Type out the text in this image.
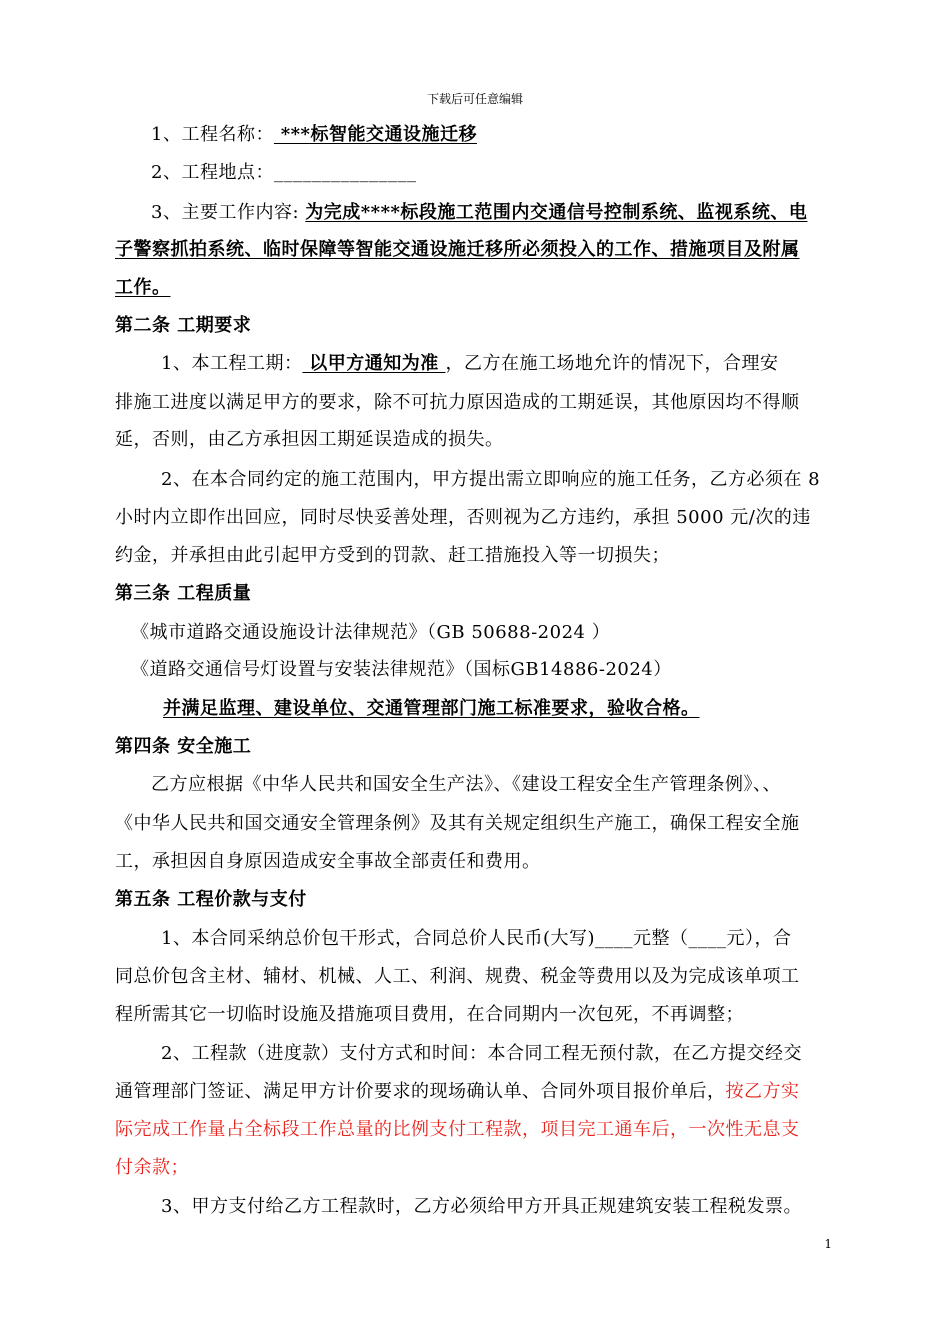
下载后可任意编辑
1、工程名称： ***标智能交通设施迁移
2、工程地点：_______________
3、主要工作内容: 为完成****标段施工范围内交通信号控制系统、监视系统、电
子警察抓拍系统、临时保障等智能交通设施迁移所必须投入的工作、措施项目及附属
工作。
第二条 工期要求
1、本工程工期： 以甲方通知为准 ，乙方在施工场地允许的情况下，合理安
排施工进度以满足甲方的要求，除不可抗力原因造成的工期延误，其他原因均不得顺
延，否则，由乙方承担因工期延误造成的损失。
2、在本合同约定的施工范围内，甲方提出需立即响应的施工任务，乙方必须在 8
小时内立即作出回应，同时尽快妥善处理，否则视为乙方违约，承担 5000 元/次的违
约金，并承担由此引起甲方受到的罚款、赶工措施投入等一切损失；
第三条 工程质量
《城市道路交通设施设计法律规范》（GB 50688-2024 ）
《道路交通信号灯设置与安装法律规范》（国标GB14886-2024）
并满足监理、建设单位、交通管理部门施工标准要求，验收合格。
第四条 安全施工
乙方应根据《中华人民共和国安全生产法》、《建设工程安全生产管理条例》、、
《中华人民共和国交通安全管理条例》及其有关规定组织生产施工，确保工程安全施
工，承担因自身原因造成安全事故全部责任和费用。
第五条 工程价款与支付
1、本合同采纳总价包干形式，合同总价人民币(大写)____元整（____元），合
同总价包含主材、辅材、机械、人工、利润、规费、税金等费用以及为完成该单项工
程所需其它一切临时设施及措施项目费用，在合同期内一次包死，不再调整；
2、工程款（进度款）支付方式和时间：本合同工程无预付款，在乙方提交经交
通管理部门签证、满足甲方计价要求的现场确认单、合同外项目报价单后，按乙方实
际完成工作量占全标段工作总量的比例支付工程款，项目完工通车后，一次性无息支
付余款；
3、甲方支付给乙方工程款时，乙方必须给甲方开具正规建筑安装工程税发票。
1
